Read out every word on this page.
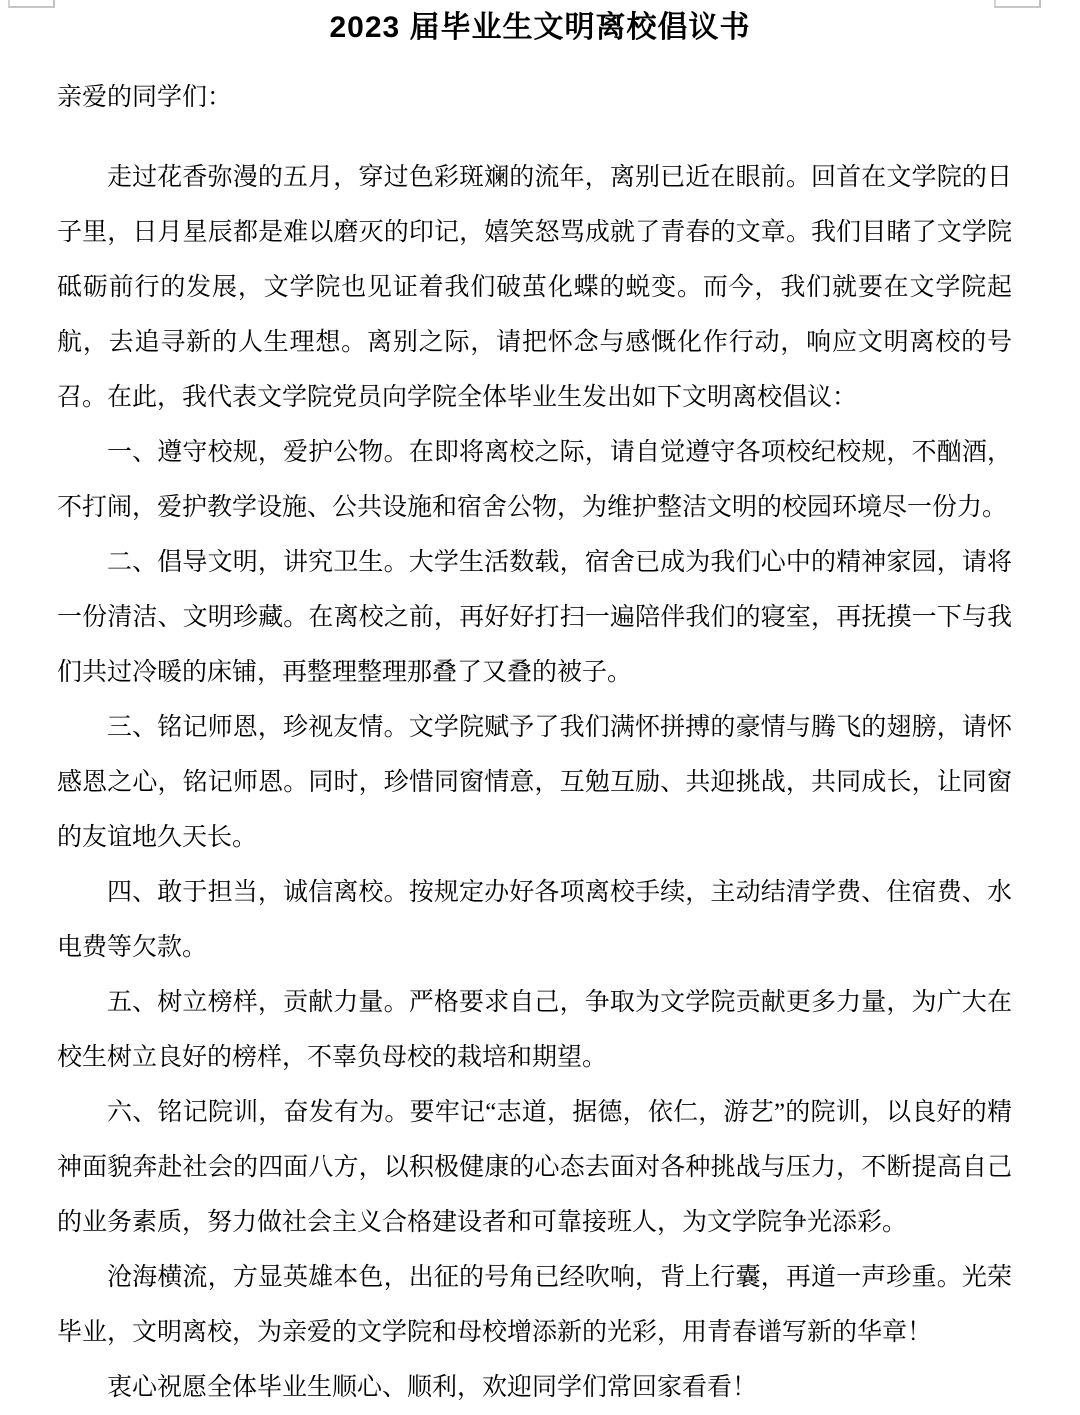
2023 届毕业生文明离校倡议书

亲爱的同学们：

走过花香弥漫的五月，穿过色彩斑斓的流年，离别已近在眼前。回首在文学院的日子里，日月星辰都是难以磨灭的印记，嬉笑怒骂成就了青春的文章。我们目睹了文学院砥砺前行的发展，文学院也见证着我们破茧化蝶的蜕变。而今，我们就要在文学院起航，去追寻新的人生理想。离别之际，请把怀念与感慨化作行动，响应文明离校的号召。在此，我代表文学院党员向学院全体毕业生发出如下文明离校倡议：

一、遵守校规，爱护公物。在即将离校之际，请自觉遵守各项校纪校规，不酗酒，不打闹，爱护教学设施、公共设施和宿舍公物，为维护整洁文明的校园环境尽一份力。

二、倡导文明，讲究卫生。大学生活数载，宿舍已成为我们心中的精神家园，请将一份清洁、文明珍藏。在离校之前，再好好打扫一遍陪伴我们的寝室，再抚摸一下与我们共过冷暖的床铺，再整理整理那叠了又叠的被子。

三、铭记师恩，珍视友情。文学院赋予了我们满怀拼搏的豪情与腾飞的翅膀，请怀感恩之心，铭记师恩。同时，珍惜同窗情意，互勉互励、共迎挑战，共同成长，让同窗的友谊地久天长。

四、敢于担当，诚信离校。按规定办好各项离校手续，主动结清学费、住宿费、水电费等欠款。

五、树立榜样，贡献力量。严格要求自己，争取为文学院贡献更多力量，为广大在校生树立良好的榜样，不辜负母校的栽培和期望。

六、铭记院训，奋发有为。要牢记“志道，据德，依仁，游艺”的院训，以良好的精神面貌奔赴社会的四面八方，以积极健康的心态去面对各种挑战与压力，不断提高自己的业务素质，努力做社会主义合格建设者和可靠接班人，为文学院争光添彩。

沧海横流，方显英雄本色，出征的号角已经吹响，背上行囊，再道一声珍重。光荣毕业，文明离校，为亲爱的文学院和母校增添新的光彩，用青春谱写新的华章！

衷心祝愿全体毕业生顺心、顺利，欢迎同学们常回家看看！
